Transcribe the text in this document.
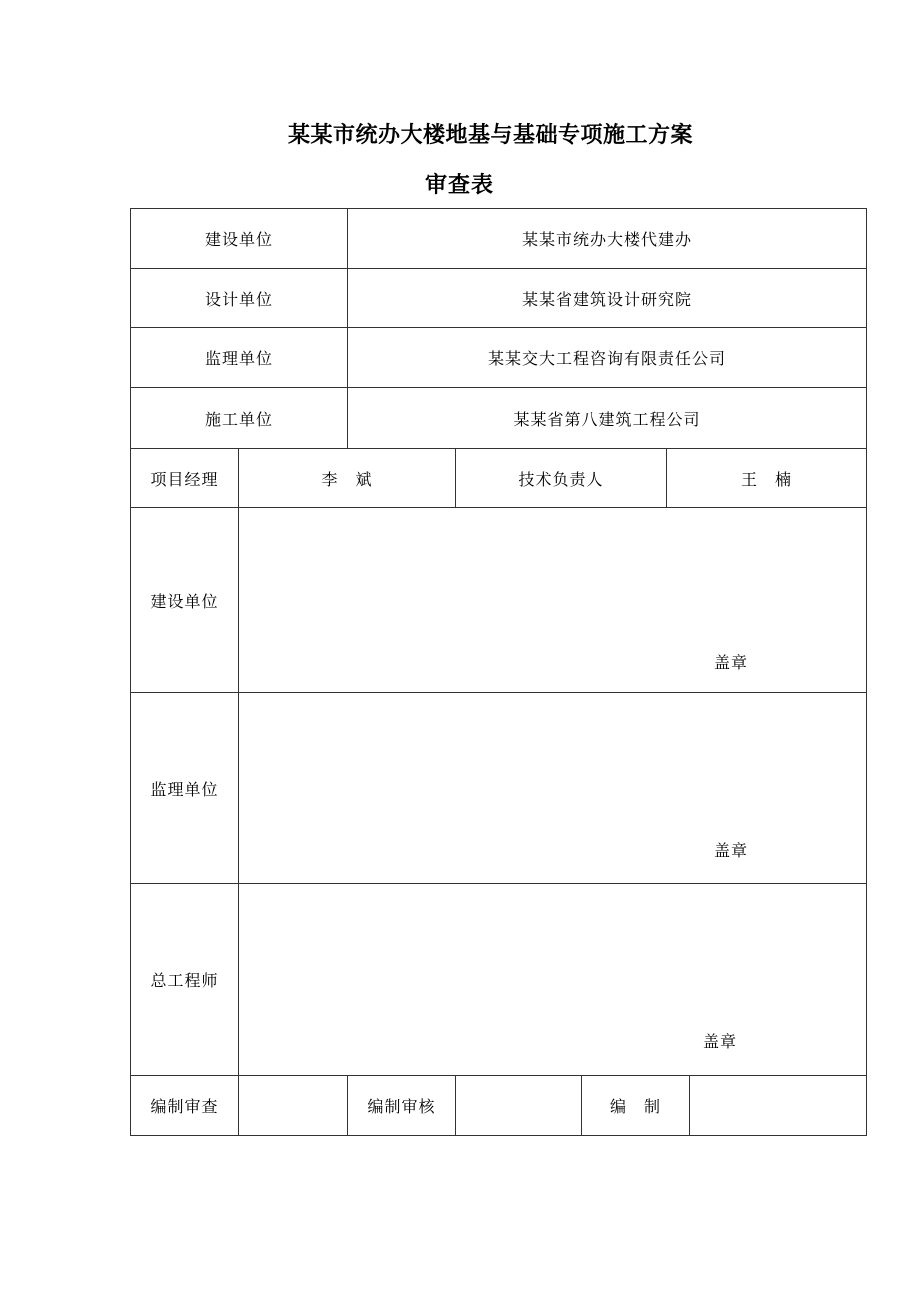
某某市统办大楼地基与基础专项施工方案
审查表
建设单位	某某市统办大楼代建办
设计单位	某某省建筑设计研究院
监理单位	某某交大工程咨询有限责任公司
施工单位	某某省第八建筑工程公司
项目经理	李　斌	技术负责人	王　楠
建设单位
盖章
监理单位
盖章
总工程师
盖章
编制审查	编制审核	编　制
